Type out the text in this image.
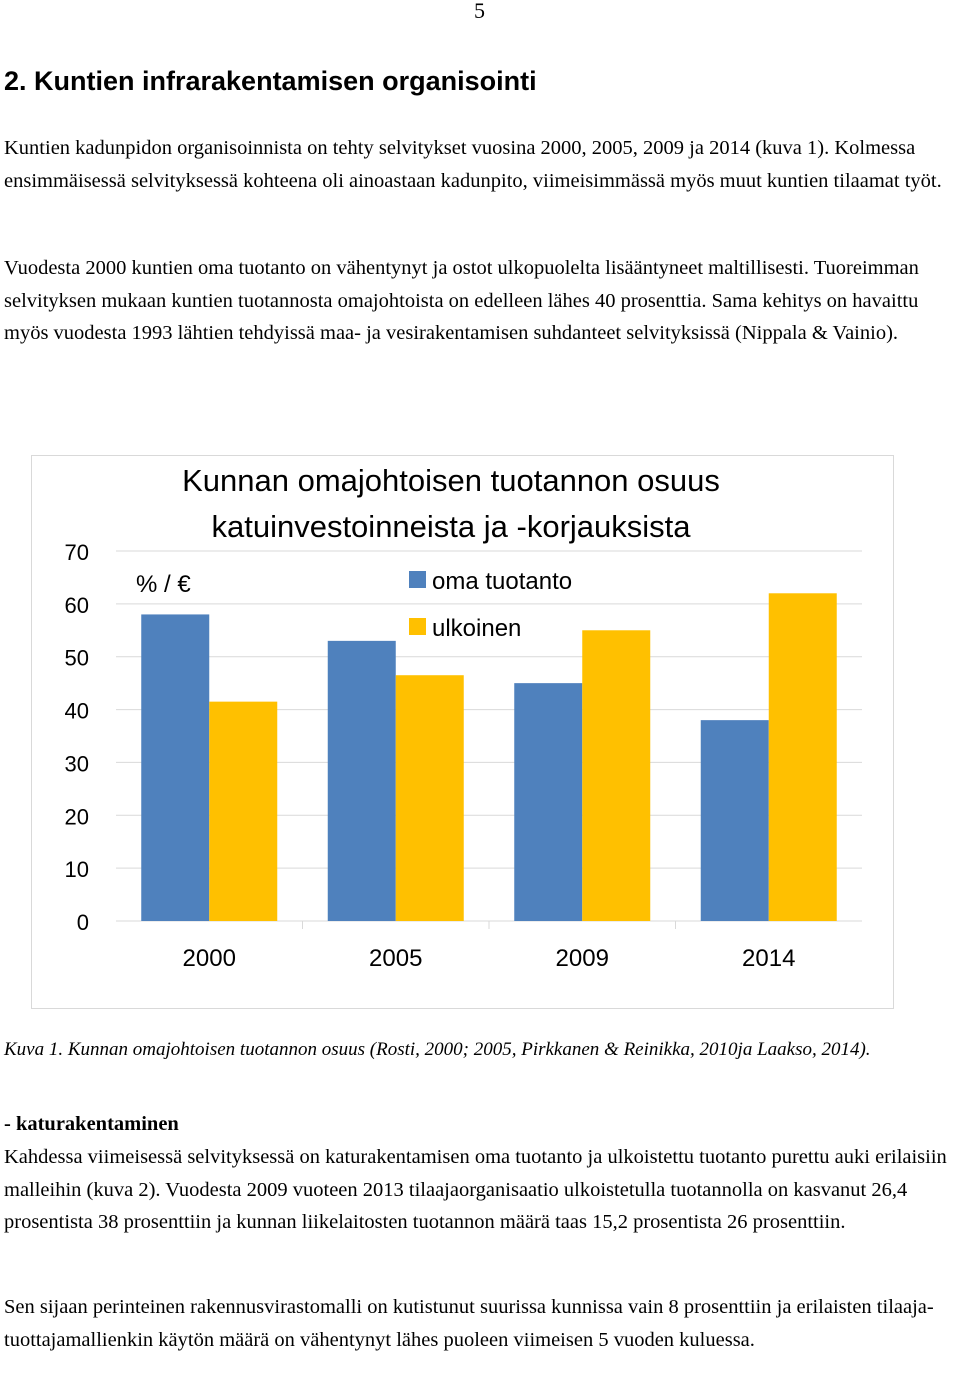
5
2. Kuntien infrarakentamisen organisointi

Kuntien kadunpidon organisoinnista on tehty selvitykset vuosina 2000, 2005, 2009 ja 2014 (kuva 1). Kolmessa ensimmäisessä selvityksessä kohteena oli ainoastaan kadunpito, viimeisimmässä myös muut kuntien tilaamat työt.

Vuodesta 2000 kuntien oma tuotanto on vähentynyt ja ostot ulkopuolelta lisääntyneet maltillisesti. Tuoreimman selvityksen mukaan kuntien tuotannosta omajohtoista on edelleen lähes 40 prosenttia. Sama kehitys on havaittu myös vuodesta 1993 lähtien tehdyissä maa- ja vesirakentamisen suhdanteet selvityksissä (Nippala & Vainio).

0
10
20
30
40
50
60
70
2000	2005	2009	2014
Kunnan omajohtoisen tuotannon osuus
katuinvestoinneista ja -korjauksista
% / €	oma tuotanto
ulkoinen

Kuva 1. Kunnan omajohtoisen tuotannon osuus (Rosti, 2000; 2005, Pirkkanen & Reinikka, 2010ja Laakso, 2014).

- katurakentaminen

Kahdessa viimeisessä selvityksessä on katurakentamisen oma tuotanto ja ulkoistettu tuotanto purettu auki erilaisiin malleihin (kuva 2). Vuodesta 2009 vuoteen 2013 tilaajaorganisaatio ulkoistetulla tuotannolla on kasvanut 26,4 prosentista 38 prosenttiin ja kunnan liikelaitosten tuotannon määrä taas 15,2 prosentista 26 prosenttiin.

Sen sijaan perinteinen rakennusvirastomalli on kutistunut suurissa kunnissa vain 8 prosenttiin ja erilaisten tilaaja- tuottajamallienkin käytön määrä on vähentynyt lähes puoleen viimeisen 5 vuoden kuluessa.
